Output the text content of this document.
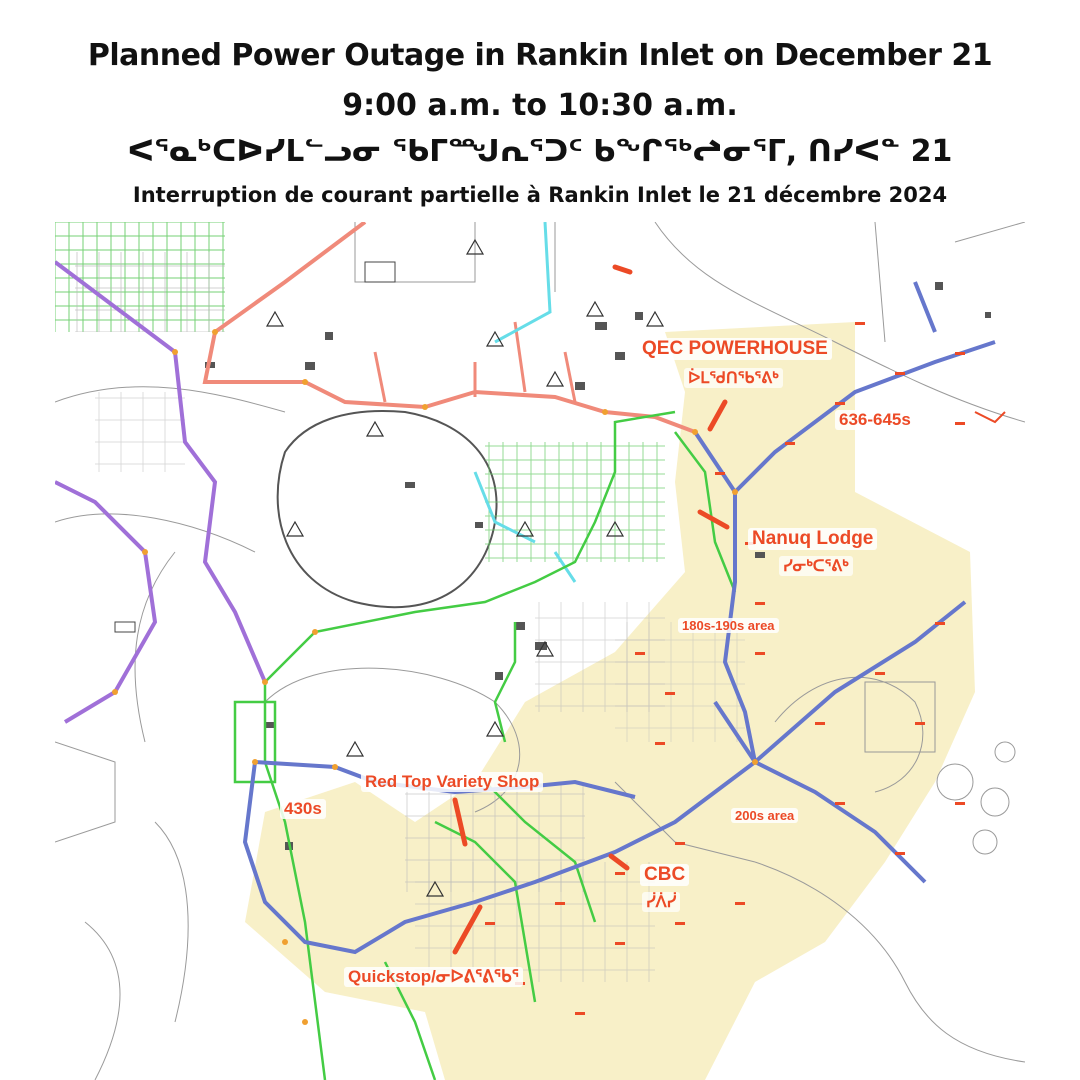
Planned Power Outage in Rankin Inlet on December 21
9:00 a.m. to 10:30 a.m.
ᐸᕐᓇᒃᑕᐅᓯᒪᓪᓗᓂ ᖃᒥᙳᕆᕐᑐᑦ ᑲᖏᖅᖠᓂᕐᒥ, ᑎᓯᐸᓐ 21
Interruption de courant partielle à Rankin Inlet le 21 décembre 2024
QEC POWERHOUSE
ᐆᒪᖁᑎᖃᕐᕕᒃ
636-645s
Nanuq Lodge
ᓯᓂᒃᑕᕐᕕᒃ
180s-190s area
Red Top Variety Shop
430s	200s area
CBC
ᓰᐲᓰ
Quickstop/ᓂᐅᕕᕐᕕᖃᕐ
